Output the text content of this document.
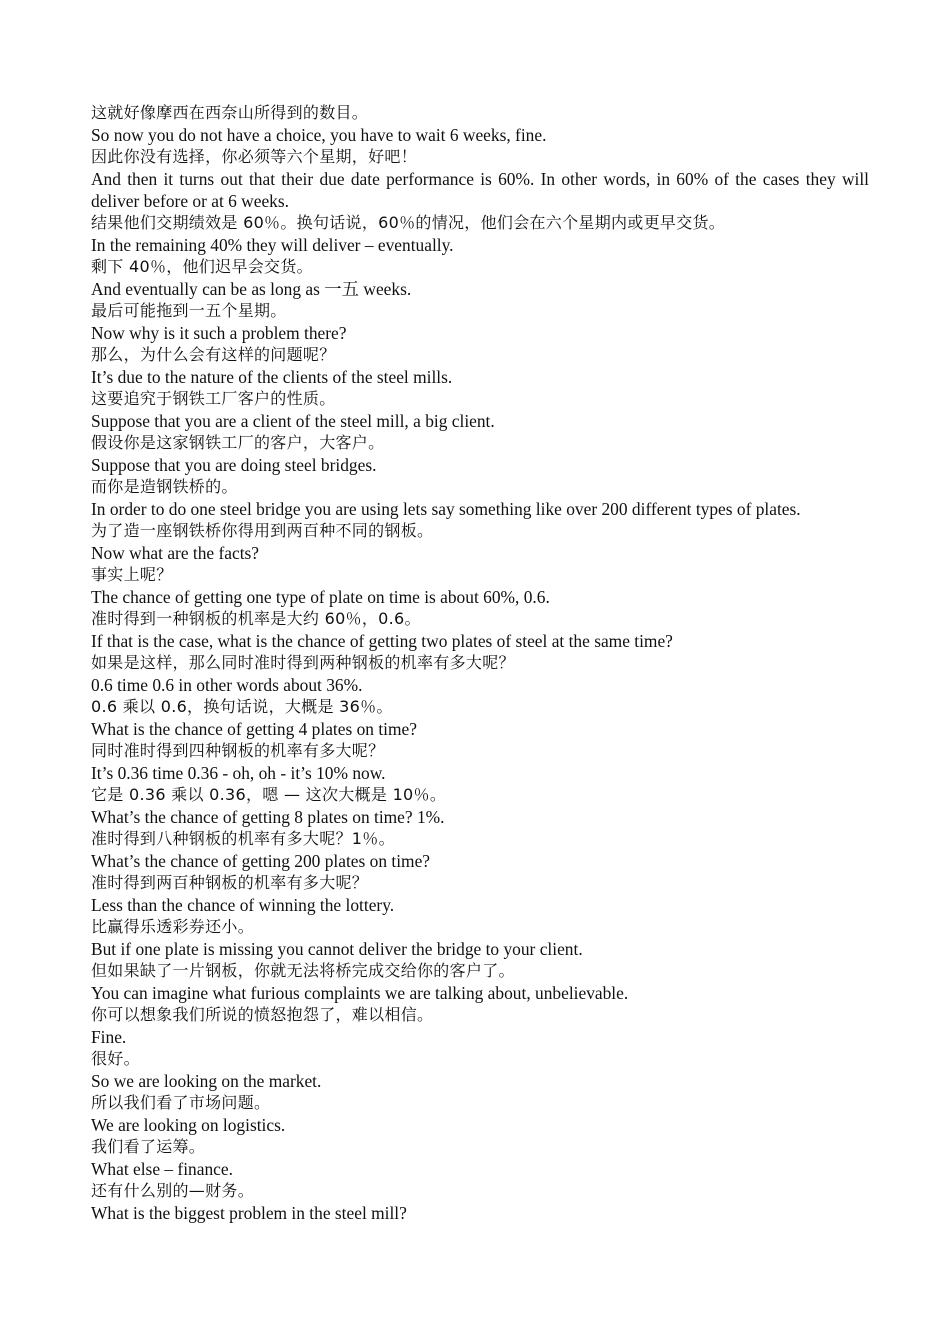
这就好像摩西在西奈山所得到的数目。

So now you do not have a choice, you have to wait 6 weeks, fine.

因此你没有选择，你必须等六个星期，好吧！

And then it turns out that their due date performance is 60%. In other words, in 60% of the cases they will deliver before or at 6 weeks.

结果他们交期绩效是 60％。换句话说，60％的情况，他们会在六个星期内或更早交货。

In the remaining 40% they will deliver – eventually.

剩下 40％，他们迟早会交货。

And eventually can be as long as 一五 weeks.

最后可能拖到一五个星期。

Now why is it such a problem there?

那么，为什么会有这样的问题呢？

It’s due to the nature of the clients of the steel mills.

这要追究于钢铁工厂客户的性质。

Suppose that you are a client of the steel mill, a big client.

假设你是这家钢铁工厂的客户，大客户。

Suppose that you are doing steel bridges.

而你是造钢铁桥的。

In order to do one steel bridge you are using lets say something like over 200 different types of plates.

为了造一座钢铁桥你得用到两百种不同的钢板。

Now what are the facts?

事实上呢？

The chance of getting one type of plate on time is about 60%, 0.6.

准时得到一种钢板的机率是大约 60％，0.6。

If that is the case, what is the chance of getting two plates of steel at the same time?

如果是这样，那么同时准时得到两种钢板的机率有多大呢？

0.6 time 0.6 in other words about 36%.

0.6 乘以 0.6，换句话说，大概是 36％。

What is the chance of getting 4 plates on time?

同时准时得到四种钢板的机率有多大呢？

It’s 0.36 time 0.36 - oh, oh - it’s 10% now.

它是 0.36 乘以 0.36，嗯 — 这次大概是 10％。

What’s the chance of getting 8 plates on time? 1%.

准时得到八种钢板的机率有多大呢？1％。

What’s the chance of getting 200 plates on time?

准时得到两百种钢板的机率有多大呢？

Less than the chance of winning the lottery.

比赢得乐透彩券还小。

But if one plate is missing you cannot deliver the bridge to your client.

但如果缺了一片钢板，你就无法将桥完成交给你的客户了。

You can imagine what furious complaints we are talking about, unbelievable.

你可以想象我们所说的愤怒抱怨了，难以相信。

Fine.

很好。

So we are looking on the market.

所以我们看了市场问题。

We are looking on logistics.

我们看了运筹。

What else – finance.

还有什么别的—财务。

What is the biggest problem in the steel mill?
